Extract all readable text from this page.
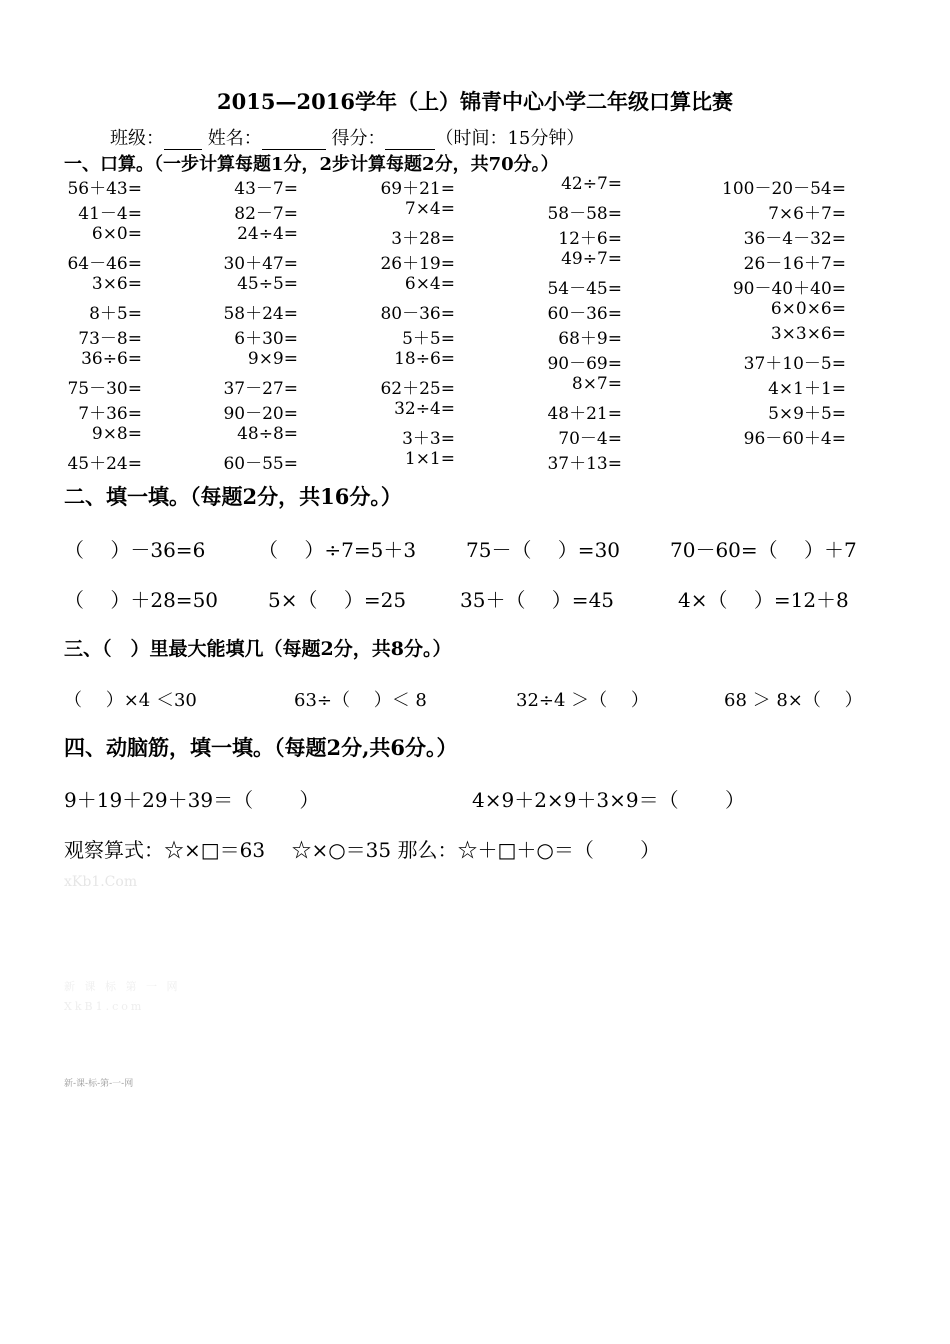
2015—2016学年（上）锦青中心小学二年级口算比赛
班级： 姓名：	得分：	（时间：15分钟）
一、口算。（一步计算每题1分，2步计算每题2分，共70分。）
56＋43=	43－7=	69＋21=	42÷7=	100－20－54=
41－4=	82－7=	7×4=	58－58=	7×6＋7=
6×0=	24÷4=	3＋28=	12＋6=	36－4－32=
64－46=	30＋47=	26＋19=	49÷7=	26－16＋7=
3×6=	45÷5=	6×4=	54－45=	90－40＋40=
8＋5=	58＋24=	80－36=	60－36=	6×0×6=
73－8=	6＋30=	5＋5=	68＋9=	3×3×6=
36÷6=	9×9=	18÷6=	90－69=	37＋10－5=
75－30=	37－27=	62＋25=	8×7=	4×1＋1=
7＋36=	90－20=	32÷4=	48＋21=	5×9＋5=
9×8=	48÷8=	3＋3=	70－4=	96－60＋4=
45＋24=	60－55=	1×1=	37＋13=
二、填一填。（每题2分，共16分。）
（　 ）－36=6	（　 ）÷7=5＋3 75－（　 ）=30 70－60=（　 ）＋7
（　 ）＋28=50 5×（　 ）=25	35＋（　 ）=45	4×（　 ）=12＋8
三、（　）里最大能填几（每题2分，共8分。）
（　 ）×4 ＜30	63÷（　 ）＜ 8	32÷4 ＞（　 ）	68 ＞ 8×（　 ）
四、动脑筋，填一填。（每题2分,共6分。）
9＋19＋29＋39＝（　　 ）	4×9＋2×9＋3×9＝（　　 ）
观察算式：☆×□＝63　 ☆×○＝35 那么：☆＋□＋○＝（　　 ）
xKb1.Com
新 课 标 第 一 网
XkB1.com
新-课-标-第-一-网
